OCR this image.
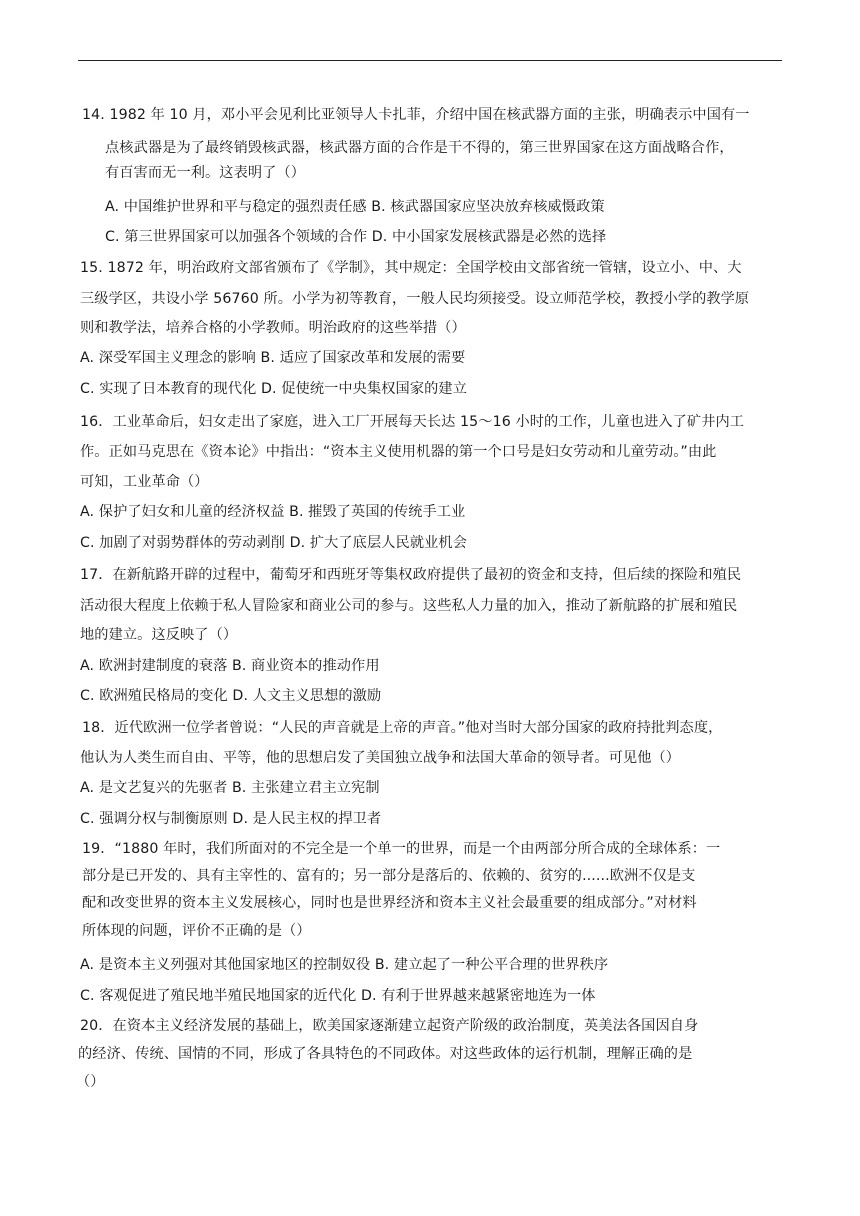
14. 1982 年 10 月，邓小平会见利比亚领导人卡扎菲，介绍中国在核武器方面的主张，明确表示中国有一
点核武器是为了最终销毁核武器，核武器方面的合作是干不得的，第三世界国家在这方面战略合作，
有百害而无一利。这表明了（）
A. 中国维护世界和平与稳定的强烈责任感 B. 核武器国家应坚决放弃核威慑政策
C. 第三世界国家可以加强各个领域的合作 D. 中小国家发展核武器是必然的选择
15. 1872 年，明治政府文部省颁布了《学制》，其中规定：全国学校由文部省统一管辖，设立小、中、大
三级学区，共设小学 56760 所。小学为初等教育，一般人民均须接受。设立师范学校，教授小学的教学原
则和教学法，培养合格的小学教师。明治政府的这些举措（）
A. 深受军国主义理念的影响 B. 适应了国家改革和发展的需要
C. 实现了日本教育的现代化 D. 促使统一中央集权国家的建立
16．工业革命后，妇女走出了家庭，进入工厂开展每天长达 15～16 小时的工作，儿童也进入了矿井内工
作。正如马克思在《资本论》中指出：“资本主义使用机器的第一个口号是妇女劳动和儿童劳动。”由此
可知，工业革命（）
A. 保护了妇女和儿童的经济权益 B. 摧毁了英国的传统手工业
C. 加剧了对弱势群体的劳动剥削 D. 扩大了底层人民就业机会
17．在新航路开辟的过程中，葡萄牙和西班牙等集权政府提供了最初的资金和支持，但后续的探险和殖民
活动很大程度上依赖于私人冒险家和商业公司的参与。这些私人力量的加入，推动了新航路的扩展和殖民
地的建立。这反映了（）
A. 欧洲封建制度的衰落 B. 商业资本的推动作用
C. 欧洲殖民格局的变化 D. 人文主义思想的激励
18．近代欧洲一位学者曾说：“人民的声音就是上帝的声音。”他对当时大部分国家的政府持批判态度，
他认为人类生而自由、平等，他的思想启发了美国独立战争和法国大革命的领导者。可见他（）
A. 是文艺复兴的先驱者 B. 主张建立君主立宪制
C. 强调分权与制衡原则 D. 是人民主权的捍卫者
19．“1880 年时，我们所面对的不完全是一个单一的世界，而是一个由两部分所合成的全球体系：一
部分是已开发的、具有主宰性的、富有的；另一部分是落后的、依赖的、贫穷的......欧洲不仅是支
配和改变世界的资本主义发展核心，同时也是世界经济和资本主义社会最重要的组成部分。”对材料
所体现的问题，评价不正确的是（）
A. 是资本主义列强对其他国家地区的控制奴役 B. 建立起了一种公平合理的世界秩序
C. 客观促进了殖民地半殖民地国家的近代化 D. 有利于世界越来越紧密地连为一体
20．在资本主义经济发展的基础上，欧美国家逐渐建立起资产阶级的政治制度，英美法各国因自身
的经济、传统、国情的不同，形成了各具特色的不同政体。对这些政体的运行机制，理解正确的是
（）
